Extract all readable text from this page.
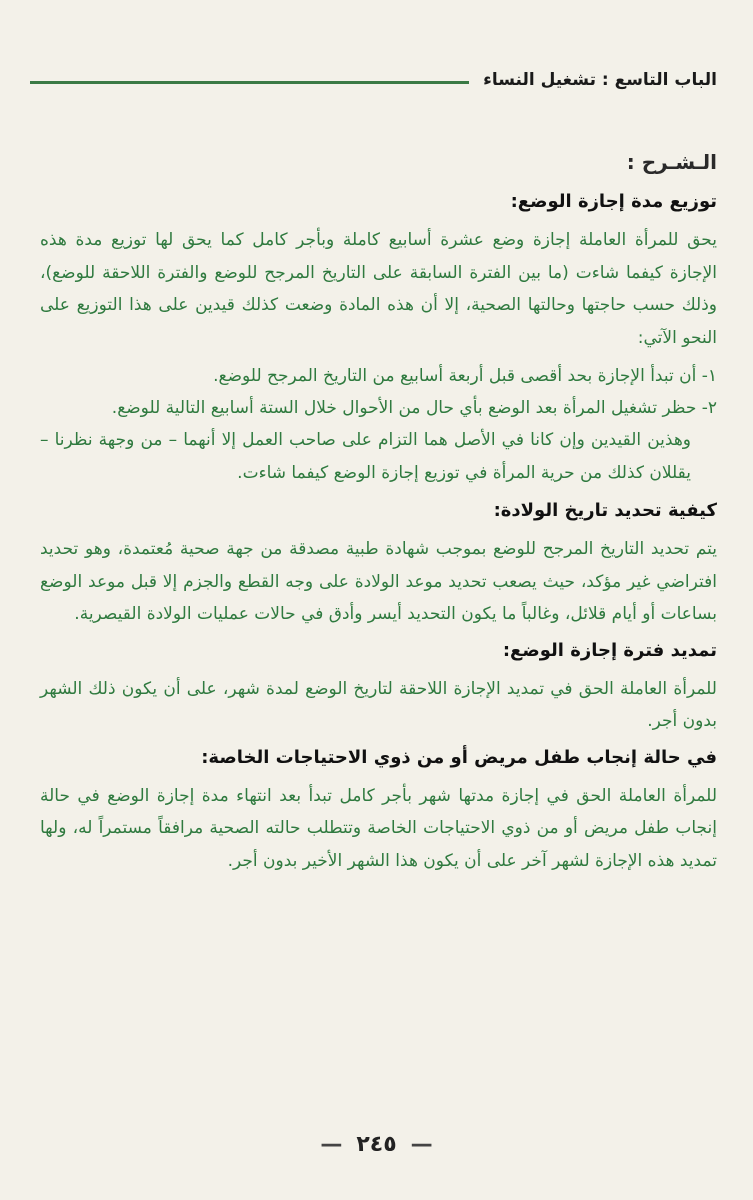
الباب التاسع : تشغيل النساء
الـشـرح :
توزيع مدة إجازة الوضع:

يحق للمرأة العاملة إجازة وضع عشرة أسابيع كاملة وبأجر كامل كما يحق لها توزيع مدة هذه الإجازة كيفما شاءت (ما بين الفترة السابقة على التاريخ المرجح للوضع والفترة اللاحقة للوضع)، وذلك حسب حاجتها وحالتها الصحية، إلا أن هذه المادة وضعت كذلك قيدين على هذا التوزيع على النحو الآتي:

١- أن تبدأ الإجازة بحد أقصى قبل أربعة أسابيع من التاريخ المرجح للوضع.
٢- حظر تشغيل المرأة بعد الوضع بأي حال من الأحوال خلال الستة أسابيع التالية للوضع.

وهذين القيدين وإن كانا في الأصل هما التزام على صاحب العمل إلا أنهما – من وجهة نظرنا – يقللان كذلك من حرية المرأة في توزيع إجازة الوضع كيفما شاءت.

كيفية تحديد تاريخ الولادة:

يتم تحديد التاريخ المرجح للوضع بموجب شهادة طبية مصدقة من جهة صحية مُعتمدة، وهو تحديد افتراضي غير مؤكد، حيث يصعب تحديد موعد الولادة على وجه القطع والجزم إلا قبل موعد الوضع بساعات أو أيام قلائل، وغالباً ما يكون التحديد أيسر وأدق في حالات عمليات الولادة القيصرية.

تمديد فترة إجازة الوضع:

للمرأة العاملة الحق في تمديد الإجازة اللاحقة لتاريخ الوضع لمدة شهر، على أن يكون ذلك الشهر بدون أجر.

في حالة إنجاب طفل مريض أو من ذوي الاحتياجات الخاصة:

للمرأة العاملة الحق في إجازة مدتها شهر بأجر كامل تبدأ بعد انتهاء مدة إجازة الوضع في حالة إنجاب طفل مريض أو من ذوي الاحتياجات الخاصة وتتطلب حالته الصحية مرافقاً مستمراً له، ولها تمديد هذه الإجازة لشهر آخر على أن يكون هذا الشهر الأخير بدون أجر.

—٢٤٥—
